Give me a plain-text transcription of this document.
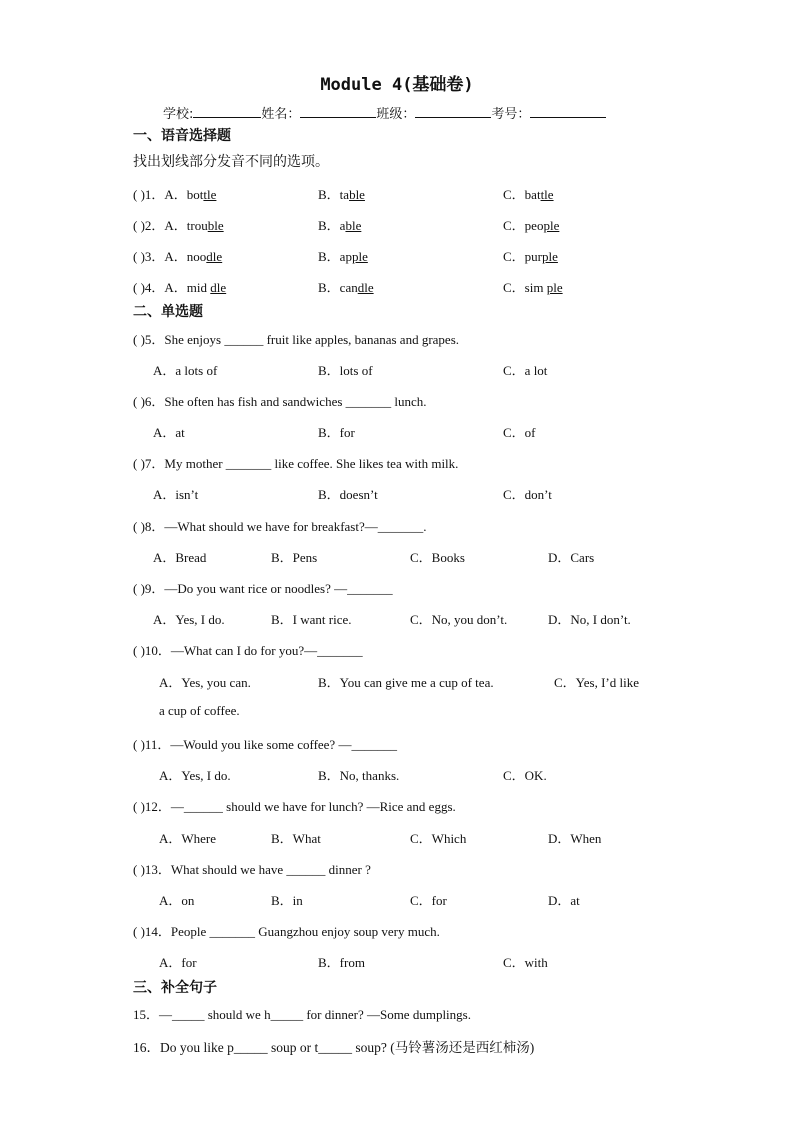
Module 4(基础卷)
学校:	姓名：	班级：	考号：
一、语音选择题
找出划线部分发音不同的选项。
( )1．A．bottle	B．table	C．battle
( )2．A．trouble	B．able	C．people
( )3．A．noodle	B．apple	C．purple
( )4．A．mid dle	B．candle	C．sim ple
二、单选题
( )5．She enjoys ______ fruit like apples, bananas and grapes.
A．a lots of	B．lots of	C．a lot
( )6．She often has fish and sandwiches _______ lunch.
A．at	B．for	C．of
( )7．My mother _______ like coffee. She likes tea with milk.
A．isn’t	B．doesn’t	C．don’t
( )8．—What should we have for breakfast?—_______.
A．Bread	B．Pens	C．Books	D．Cars
( )9．—Do you want rice or noodles? —_______
A．Yes, I do.	B．I want rice.	C．No, you don’t.	D．No, I don’t.
( )10．—What can I do for you?—_______
A．Yes, you can.	B．You can give me a cup of tea.	C．Yes, I’d like
a cup of coffee.
( )11．—Would you like some coffee? —_______
A．Yes, I do.	B．No, thanks.	C．OK.
( )12．—______ should we have for lunch? —Rice and eggs.
A．Where	B．What	C．Which	D．When
( )13．What should we have ______ dinner ?
A．on	B．in	C．for	D．at
( )14．People _______ Guangzhou enjoy soup very much.
A．for	B．from	C．with
三、补全句子
15．—_____ should we h_____ for dinner? —Some dumplings.
16．Do you like p_____ soup or t_____ soup? (马铃薯汤还是西红柿汤)
